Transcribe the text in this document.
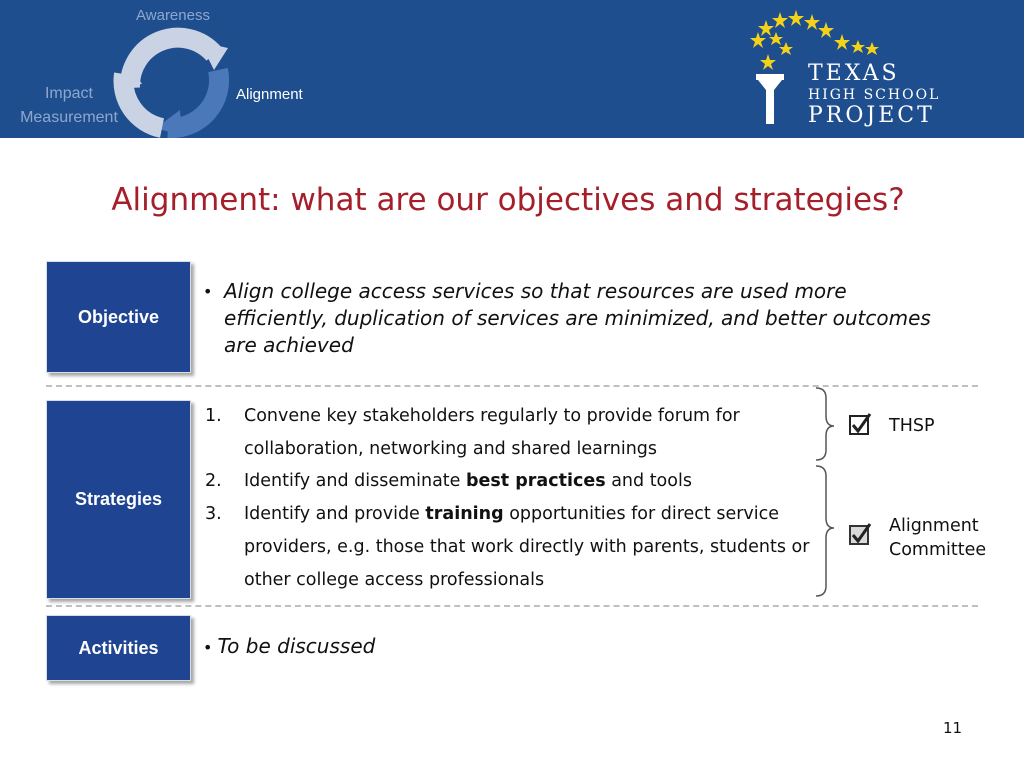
Awareness
Impact Measurement
Alignment
TEXAS
HIGH SCHOOL
PROJECT
Alignment: what are our objectives and strategies?
Objective
• Align college access services so that resources are used more efficiently, duplication of services are minimized, and better outcomes are achieved
Strategies
1. Convene key stakeholders regularly to provide forum for collaboration, networking and shared learnings
2. Identify and disseminate best practices and tools
3. Identify and provide training opportunities for direct service providers, e.g. those that work directly with parents, students or other college access professionals
THSP
Alignment Committee
Activities	• To be discussed
11
